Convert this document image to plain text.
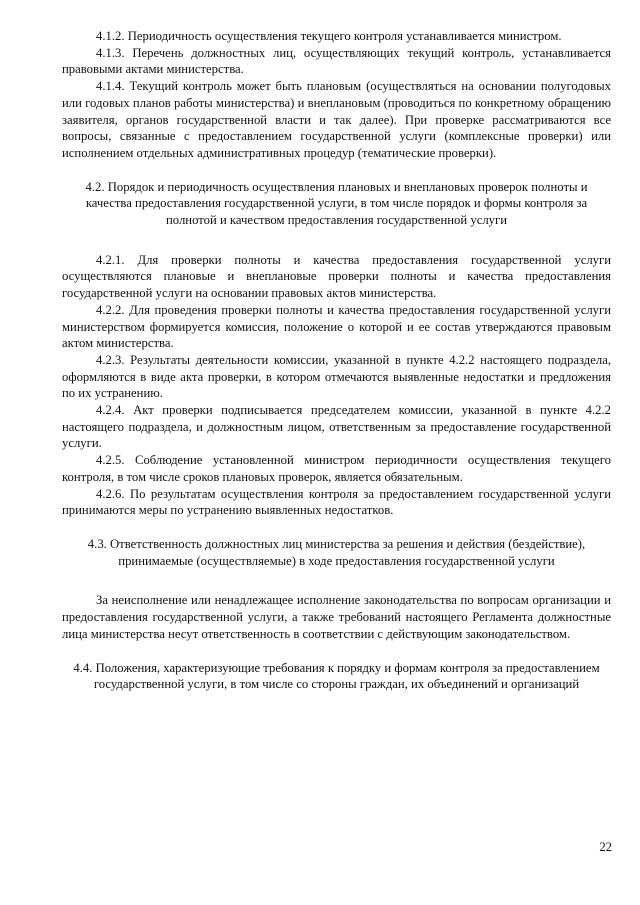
4.1.2. Периодичность осуществления текущего контроля устанавливается министром.

4.1.3. Перечень должностных лиц, осуществляющих текущий контроль, устанавливается правовыми актами министерства.

4.1.4. Текущий контроль может быть плановым (осуществляться на основании полугодовых или годовых планов работы министерства) и внеплановым (проводиться по конкретному обращению заявителя, органов государственной власти и так далее). При проверке рассматриваются все вопросы, связанные с предоставлением государственной услуги (комплексные проверки) или исполнением отдельных административных процедур (тематические проверки).

4.2. Порядок и периодичность осуществления плановых и внеплановых проверок полноты и качества предоставления государственной услуги, в том числе порядок и формы контроля за полнотой и качеством предоставления государственной услуги

4.2.1. Для проверки полноты и качества предоставления государственной услуги осуществляются плановые и внеплановые проверки полноты и качества предоставления государственной услуги на основании правовых актов министерства.

4.2.2. Для проведения проверки полноты и качества предоставления государственной услуги министерством формируется комиссия, положение о которой и ее состав утверждаются правовым актом министерства.

4.2.3. Результаты деятельности комиссии, указанной в пункте 4.2.2 настоящего подраздела, оформляются в виде акта проверки, в котором отмечаются выявленные недостатки и предложения по их устранению.

4.2.4. Акт проверки подписывается председателем комиссии, указанной в пункте 4.2.2 настоящего подраздела, и должностным лицом, ответственным за предоставление государственной услуги.

4.2.5. Соблюдение установленной министром периодичности осуществления текущего контроля, в том числе сроков плановых проверок, является обязательным.

4.2.6. По результатам осуществления контроля за предоставлением государственной услуги принимаются меры по устранению выявленных недостатков.

4.3. Ответственность должностных лиц министерства за решения и действия (бездействие), принимаемые (осуществляемые) в ходе предоставления государственной услуги

За неисполнение или ненадлежащее исполнение законодательства по вопросам организации и предоставления государственной услуги, а также требований настоящего Регламента должностные лица министерства несут ответственность в соответствии с действующим законодательством.

4.4. Положения, характеризующие требования к порядку и формам контроля за предоставлением государственной услуги, в том числе со стороны граждан, их объединений и организаций

22
